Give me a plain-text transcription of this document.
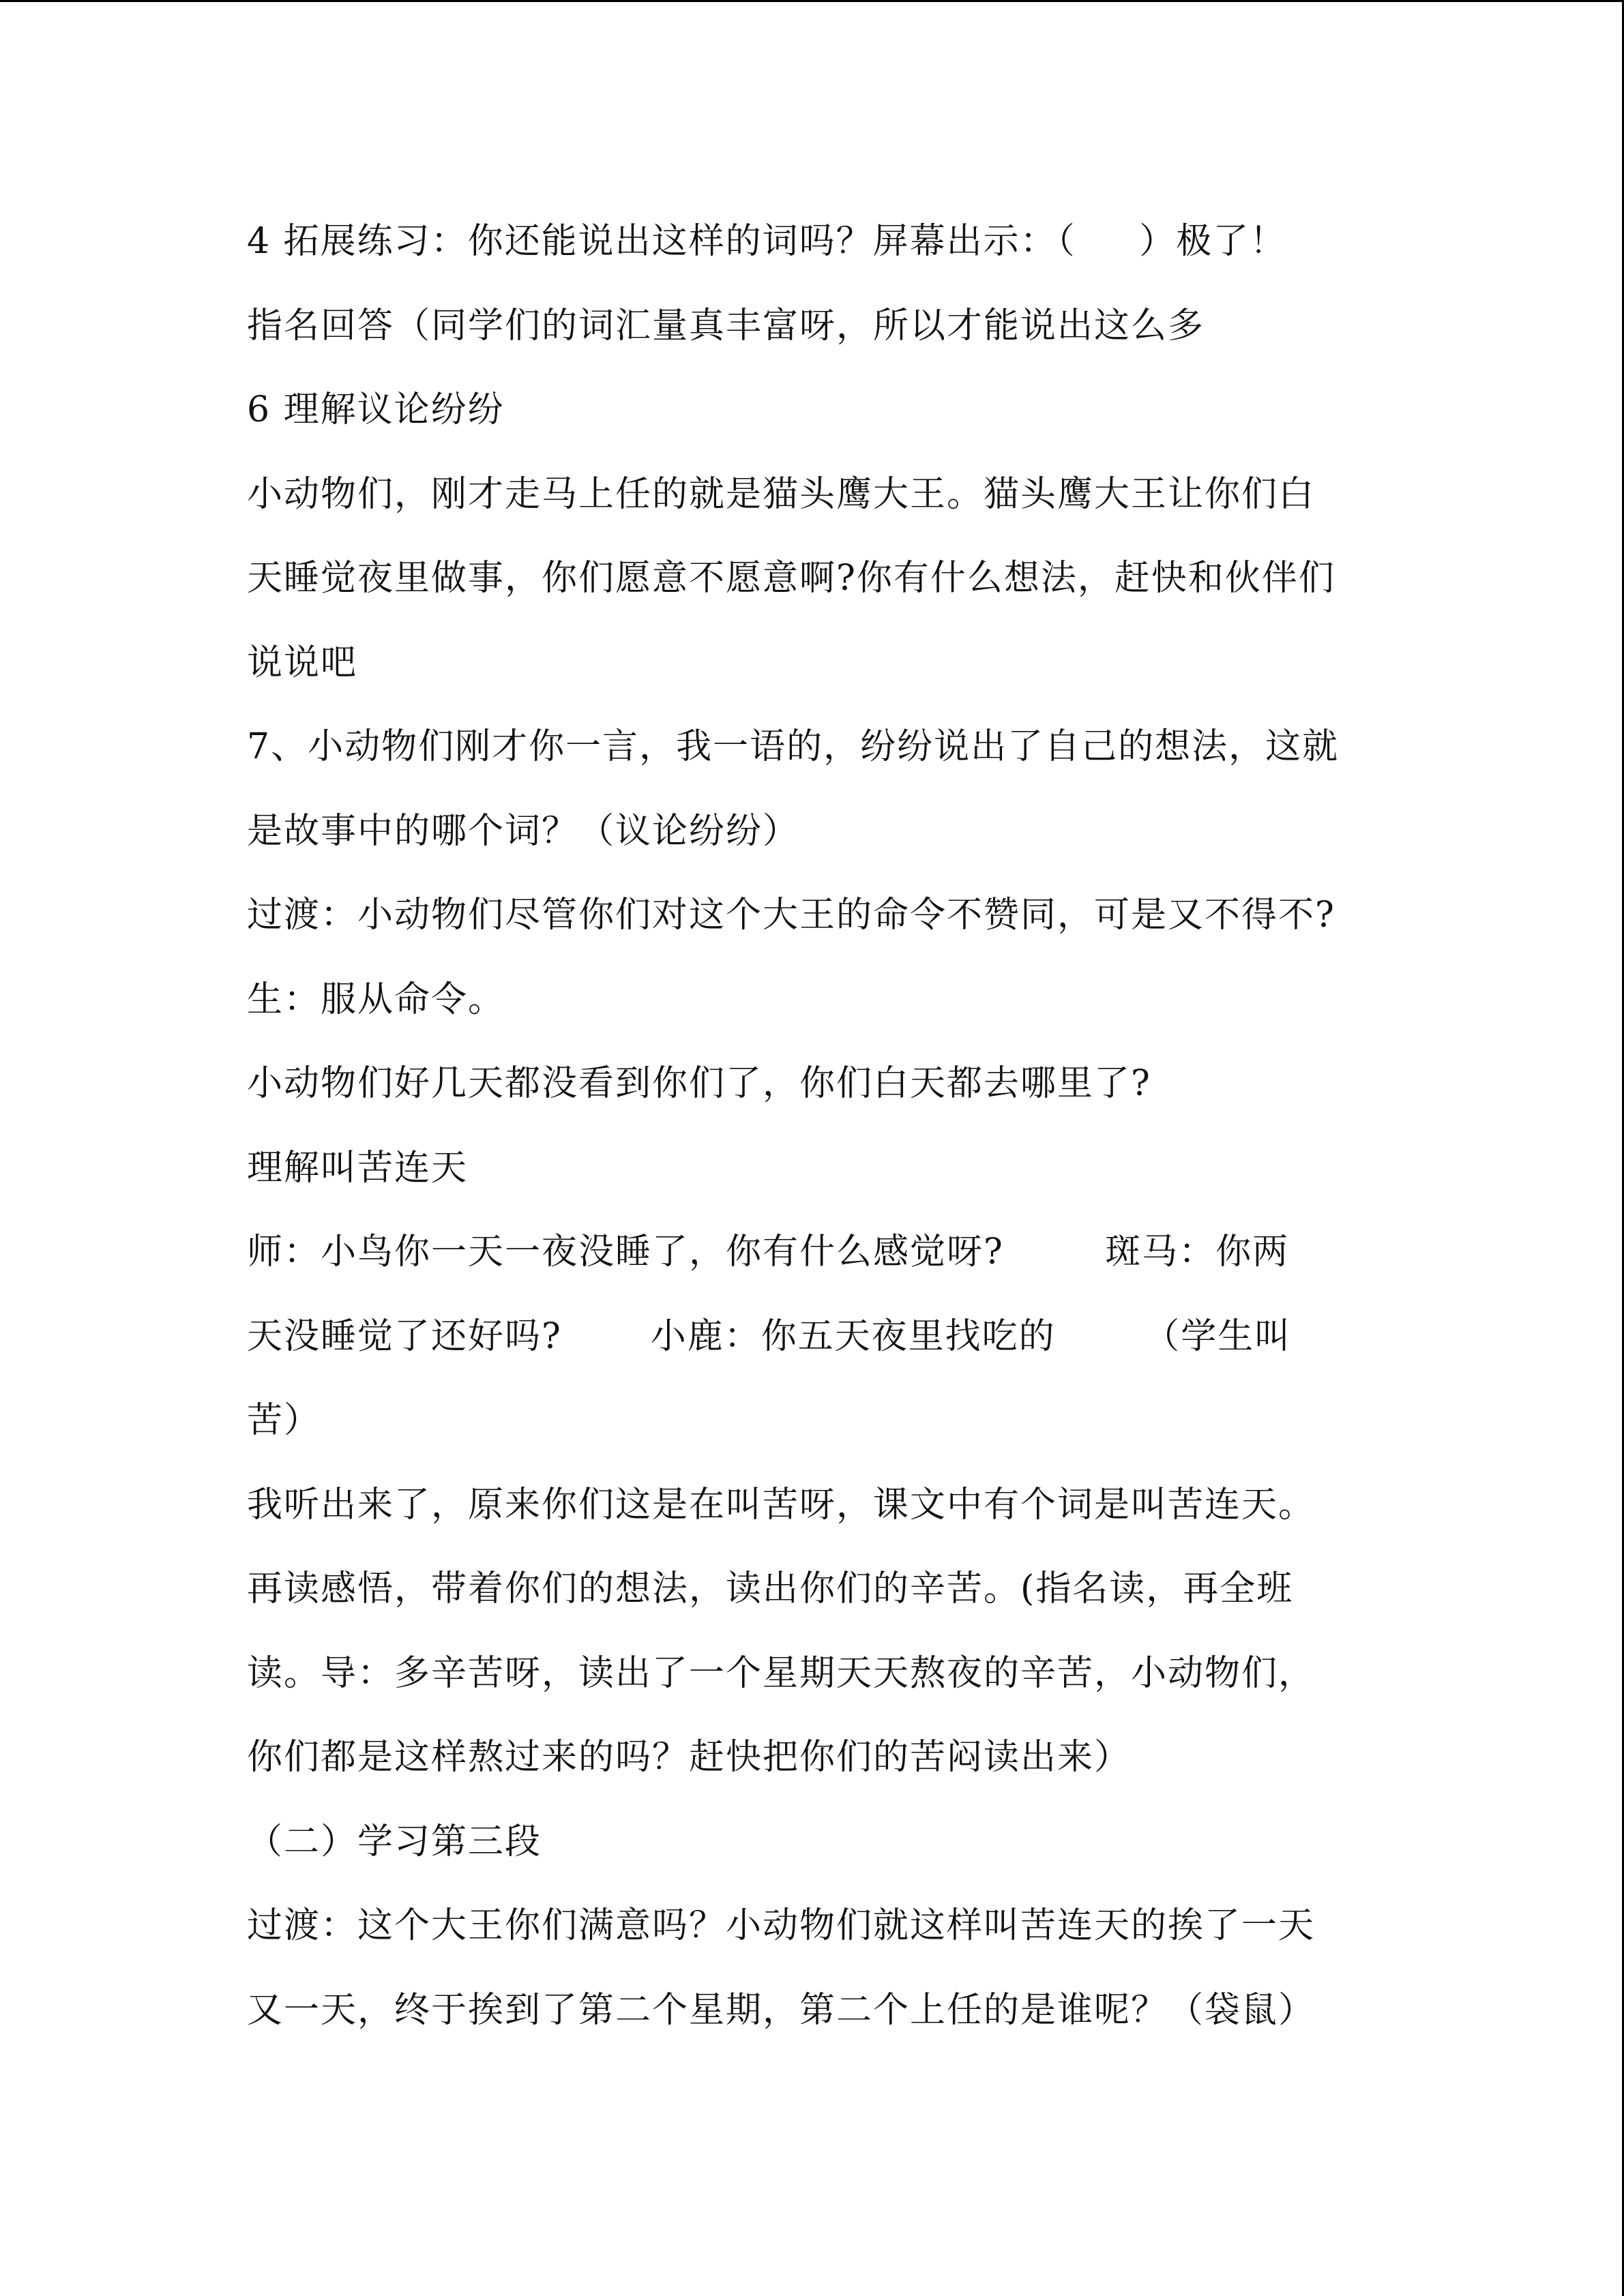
4 拓展练习：你还能说出这样的词吗？屏幕出示：（     ）极了！
指名回答（同学们的词汇量真丰富呀，所以才能说出这么多
6 理解议论纷纷
小动物们，刚才走马上任的就是猫头鹰大王。猫头鹰大王让你们白
天睡觉夜里做事，你们愿意不愿意啊?你有什么想法，赶快和伙伴们
说说吧
7、小动物们刚才你一言，我一语的，纷纷说出了自己的想法，这就
是故事中的哪个词？（议论纷纷）
过渡：小动物们尽管你们对这个大王的命令不赞同，可是又不得不?
生：服从命令。
小动物们好几天都没看到你们了，你们白天都去哪里了?
理解叫苦连天
师：小鸟你一天一夜没睡了，你有什么感觉呀?        斑马：你两
天没睡觉了还好吗?       小鹿：你五天夜里找吃的       （学生叫
苦）
我听出来了，原来你们这是在叫苦呀，课文中有个词是叫苦连天。
再读感悟，带着你们的想法，读出你们的辛苦。(指名读，再全班
读。导：多辛苦呀，读出了一个星期天天熬夜的辛苦，小动物们，
你们都是这样熬过来的吗？赶快把你们的苦闷读出来）
（二）学习第三段
过渡：这个大王你们满意吗？小动物们就这样叫苦连天的挨了一天
又一天，终于挨到了第二个星期，第二个上任的是谁呢？（袋鼠）
